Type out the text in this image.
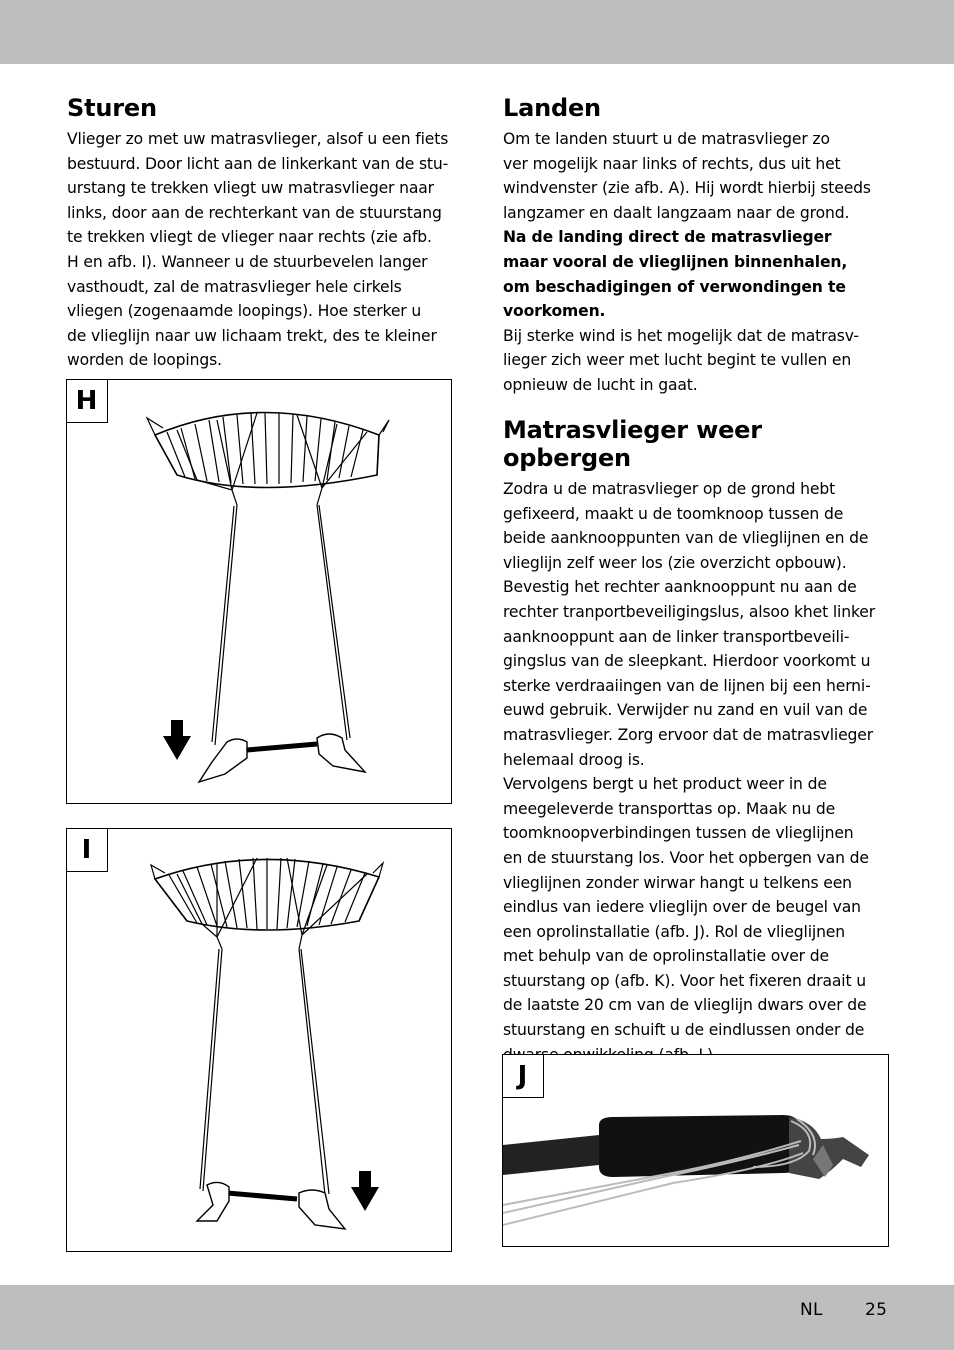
Sturen

Vlieger zo met uw matrasvlieger, alsof u een fiets

bestuurd. Door licht aan de linkerkant van de stu-

urstang te trekken vliegt uw matrasvlieger naar

links, door aan de rechterkant van de stuurstang

te trekken vliegt de vlieger naar rechts (zie afb.

H en afb. I). Wanneer u de stuurbevelen langer

vasthoudt, zal de matrasvlieger hele cirkels

vliegen (zogenaamde loopings). Hoe sterker u

de vlieglijn naar uw lichaam trekt, des te kleiner

worden de loopings.

H
I
Landen

Om te landen stuurt u de matrasvlieger zo

ver mogelijk naar links of rechts, dus uit het

windvenster (zie afb. A). Hij wordt hierbij steeds

langzamer en daalt langzaam naar de grond.

Na de landing direct de matrasvlieger

maar vooral de vlieglijnen binnenhalen,

om beschadigingen of verwondingen te

voorkomen.

Bij sterke wind is het mogelijk dat de matrasv-

lieger zich weer met lucht begint te vullen en

opnieuw de lucht in gaat.

Matrasvlieger weer opbergen

Zodra u de matrasvlieger op de grond hebt

gefixeerd, maakt u de toomknoop tussen de

beide aanknooppunten van de vlieglijnen en de

vlieglijn zelf weer los (zie overzicht opbouw).

Bevestig het rechter aanknooppunt nu aan de

rechter tranportbeveiligingslus, alsoo khet linker

aanknooppunt aan de linker transportbeveili-

gingslus van de sleepkant. Hierdoor voorkomt u

sterke verdraaiingen van de lijnen bij een herni-

euwd gebruik. Verwijder nu zand en vuil van de

matrasvlieger. Zorg ervoor dat de matrasvlieger

helemaal droog is.

Vervolgens bergt u het product weer in de

meegeleverde transporttas op. Maak nu de

toomknoopverbindingen tussen de vlieglijnen

en de stuurstang los. Voor het opbergen van de

vlieglijnen zonder wirwar hangt u telkens een

eindlus van iedere vlieglijn over de beugel van

een oprolinstallatie (afb. J). Rol de vlieglijnen

met behulp van de oprolinstallatie over de

stuurstang op (afb. K). Voor het fixeren draait u

de laatste 20 cm van de vlieglijn dwars over de

stuurstang en schuift u de eindlussen onder de

J
NL 25
